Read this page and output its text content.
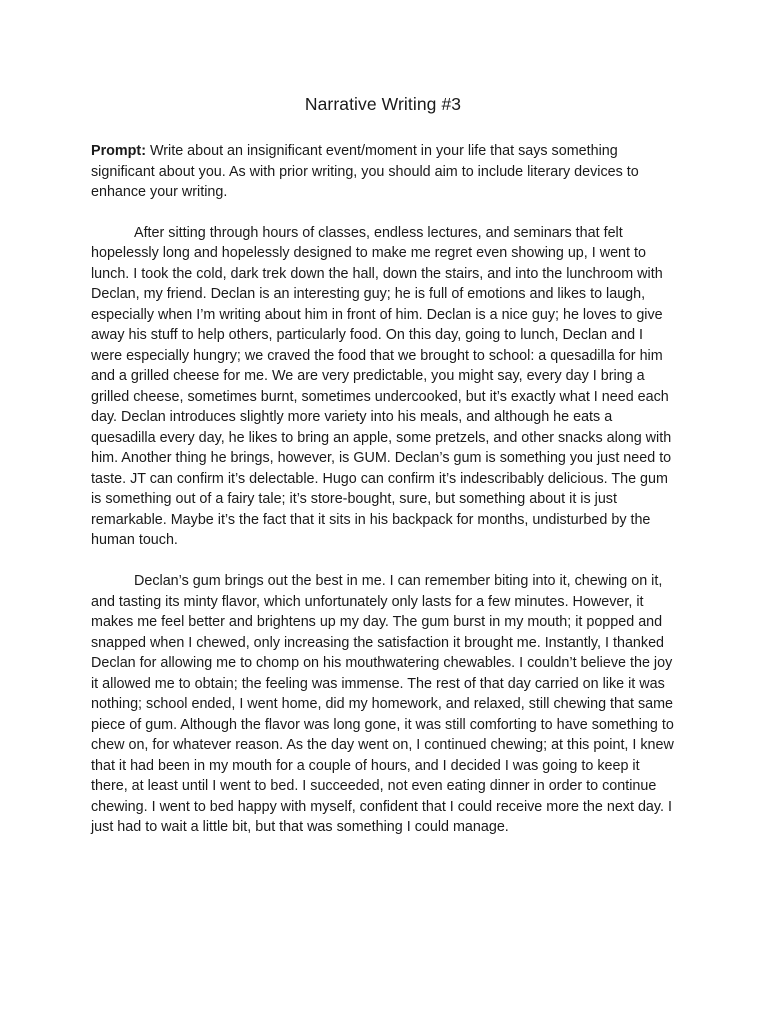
Narrative Writing #3

Prompt: Write about an insignificant event/moment in your life that says something significant about you. As with prior writing, you should aim to include literary devices to enhance your writing.

After sitting through hours of classes, endless lectures, and seminars that felt hopelessly long and hopelessly designed to make me regret even showing up, I went to lunch. I took the cold, dark trek down the hall, down the stairs, and into the lunchroom with Declan, my friend. Declan is an interesting guy; he is full of emotions and likes to laugh, especially when I’m writing about him in front of him. Declan is a nice guy; he loves to give away his stuff to help others, particularly food. On this day, going to lunch, Declan and I were especially hungry; we craved the food that we brought to school: a quesadilla for him and a grilled cheese for me. We are very predictable, you might say, every day I bring a grilled cheese, sometimes burnt, sometimes undercooked, but it’s exactly what I need each day. Declan introduces slightly more variety into his meals, and although he eats a quesadilla every day, he likes to bring an apple, some pretzels, and other snacks along with him. Another thing he brings, however, is GUM. Declan’s gum is something you just need to taste. JT can confirm it’s delectable. Hugo can confirm it’s indescribably delicious. The gum is something out of a fairy tale; it’s store-bought, sure, but something about it is just remarkable. Maybe it’s the fact that it sits in his backpack for months, undisturbed by the human touch.

Declan’s gum brings out the best in me. I can remember biting into it, chewing on it, and tasting its minty flavor, which unfortunately only lasts for a few minutes. However, it makes me feel better and brightens up my day. The gum burst in my mouth; it popped and snapped when I chewed, only increasing the satisfaction it brought me. Instantly, I thanked Declan for allowing me to chomp on his mouthwatering chewables. I couldn’t believe the joy it allowed me to obtain; the feeling was immense. The rest of that day carried on like it was nothing; school ended, I went home, did my homework, and relaxed, still chewing that same piece of gum. Although the flavor was long gone, it was still comforting to have something to chew on, for whatever reason. As the day went on, I continued chewing; at this point, I knew that it had been in my mouth for a couple of hours, and I decided I was going to keep it there, at least until I went to bed. I succeeded, not even eating dinner in order to continue chewing. I went to bed happy with myself, confident that I could receive more the next day. I just had to wait a little bit, but that was something I could manage.
